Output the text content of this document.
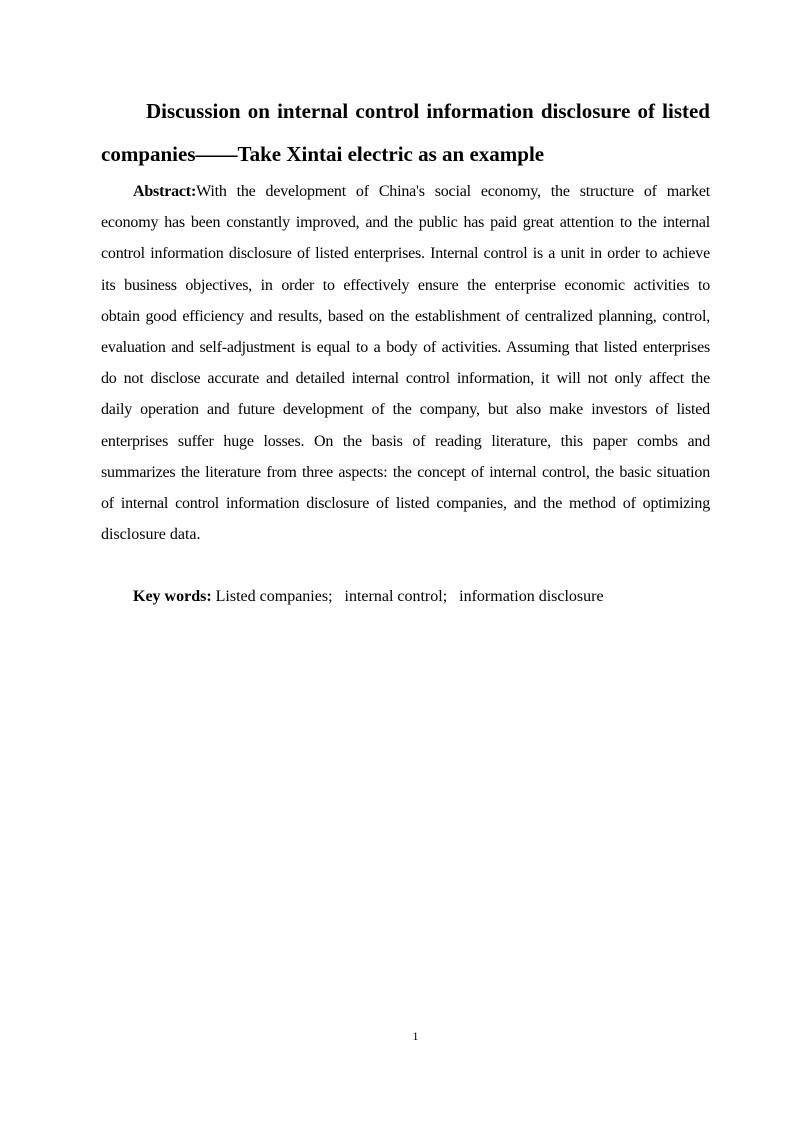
Discussion on internal control information disclosure of listed
companies——Take Xintai electric as an example
Abstract:With the development of China's social economy, the structure of market
economy has been constantly improved, and the public has paid great attention to the internal
control information disclosure of listed enterprises. Internal control is a unit in order to achieve
its business objectives, in order to effectively ensure the enterprise economic activities to
obtain good efficiency and results, based on the establishment of centralized planning, control,
evaluation and self-adjustment is equal to a body of activities. Assuming that listed enterprises
do not disclose accurate and detailed internal control information, it will not only affect the
daily operation and future development of the company, but also make investors of listed
enterprises suffer huge losses. On the basis of reading literature, this paper combs and
summarizes the literature from three aspects: the concept of internal control, the basic situation
of internal control information disclosure of listed companies, and the method of optimizing
disclosure data.
Key words: Listed companies;  internal control;  information disclosure
1
